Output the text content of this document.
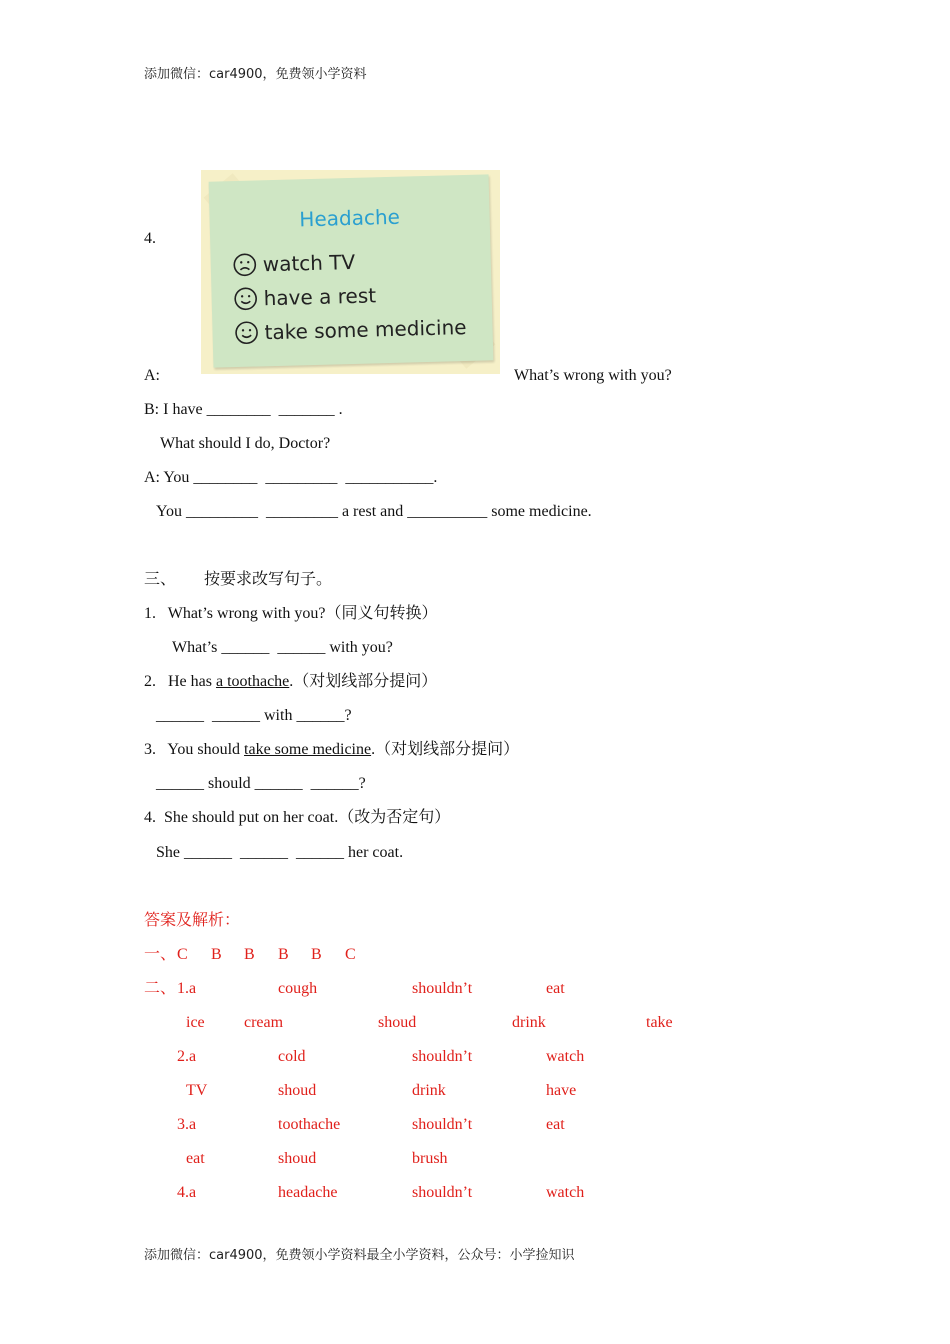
添加微信：car4900，免费领小学资料
4.
Headache
watch TV
have a rest
take some medicine
A:	What’s wrong with you?
B: I have ________  _______ .
What should I do, Doctor?
A: You ________  _________  ___________.
You _________  _________ a rest and __________ some medicine.
三、       按要求改写句子。
1.   What’s wrong with you?（同义句转换）
What’s ______  ______ with you?
2.   He has a toothache.（对划线部分提问）
______  ______ with ______?
3.   You should take some medicine.（对划线部分提问）
______ should ______  ______?
4.  She should put on her coat.（改为否定句）
She ______  ______  ______ her coat.
答案及解析：
一、 C B B B B C
二、 1.a	cough	shouldn’t	eat
ice cream	shoud	drink	take
2.a	cold	shouldn’t	watch
TV	shoud	drink	have
3.a	toothache	shouldn’t	eat
eat	shoud	brush
4.a	headache	shouldn’t	watch
添加微信：car4900，免费领小学资料最全小学资料，公众号：小学捡知识
